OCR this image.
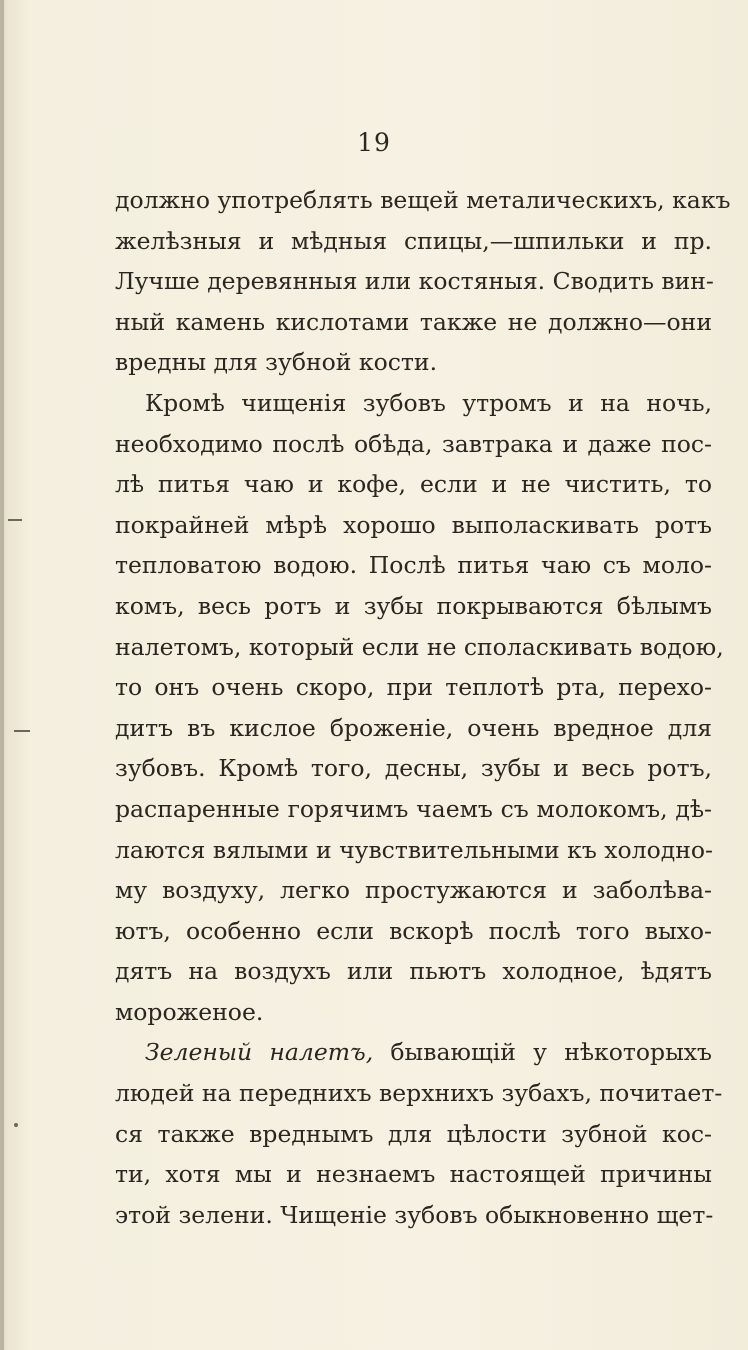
19
должно употреблять вещей металическихъ, какъ
желѣзныя и мѣдныя спицы,—шпильки и пр.
Лучше деревянныя или костяныя. Сводить вин-
ный камень кислотами также не должно—они
вредны для зубной кости.
Кромѣ чищенія зубовъ утромъ и на ночь,
необходимо послѣ обѣда, завтрака и даже пос-
лѣ питья чаю и кофе, если и не чистить, то
покрайней мѣрѣ хорошо выполаскивать ротъ
тепловатою водою. Послѣ питья чаю съ моло-
комъ, весь ротъ и зубы покрываются бѣлымъ
налетомъ, который если не споласкивать водою,
то онъ очень скоро, при теплотѣ рта, перехо-
дитъ въ кислое броженіе, очень вредное для
зубовъ. Кромѣ того, десны, зубы и весь ротъ,
распаренные горячимъ чаемъ съ молокомъ, дѣ-
лаются вялыми и чувствительными къ холодно-
му воздуху, легко простужаются и заболѣва-
ютъ, особенно если вскорѣ послѣ того выхо-
дятъ на воздухъ или пьютъ холодное, ѣдятъ
мороженое.
Зеленый налетъ, бывающій у нѣкоторыхъ
людей на переднихъ верхнихъ зубахъ, почитает-
ся также вреднымъ для цѣлости зубной кос-
ти, хотя мы и незнаемъ настоящей причины
этой зелени. Чищеніе зубовъ обыкновенно щет-
